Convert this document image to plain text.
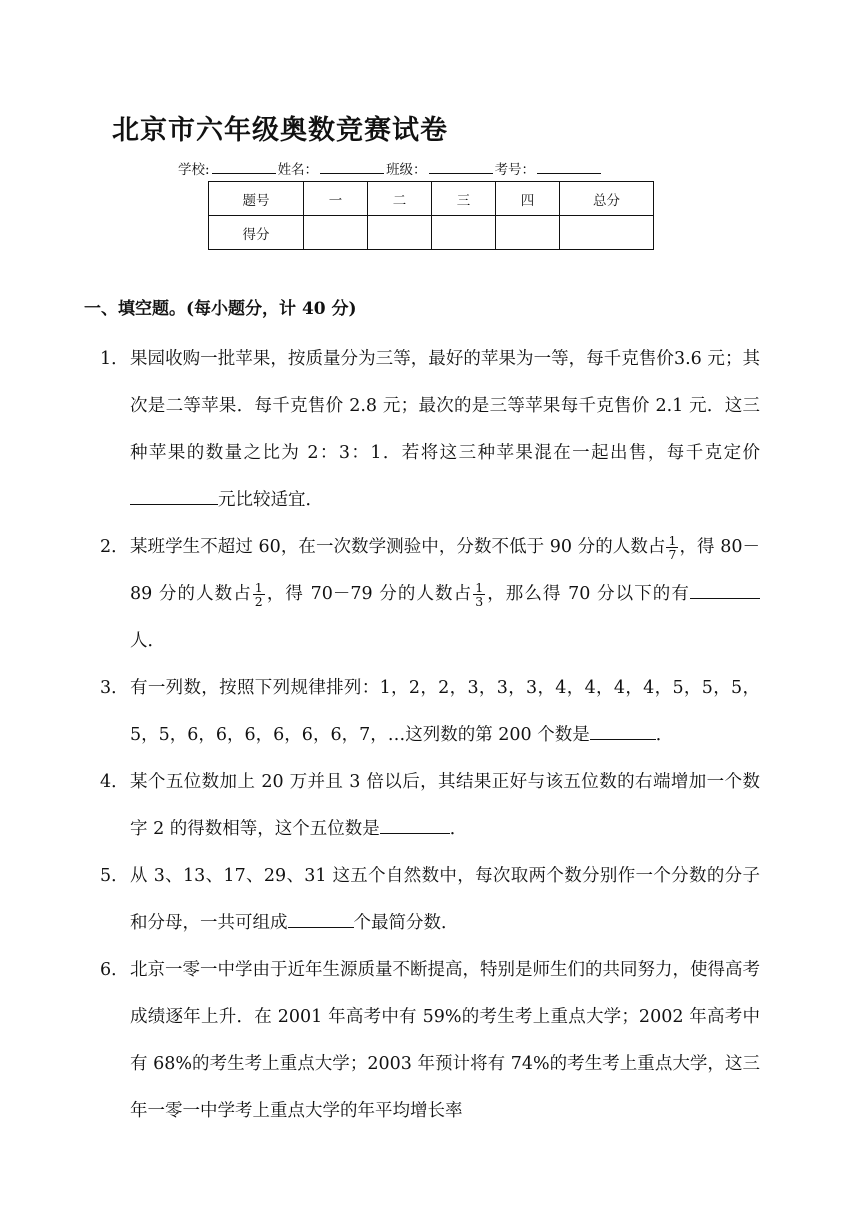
北京市六年级奥数竞赛试卷
学校:	姓名：	班级：	考号：
题号	一	二	三	四	总分
得分					
一、填空题。(每小题分，计 40 分)
1． 果园收购一批苹果，按质量分为三等，最好的苹果为一等，每千克售价3.6 元；其次是二等苹果．每千克售价 2.8 元；最次的是三等苹果每千克售价 2.1 元．这三种苹果的数量之比为 2：3：1．若将这三种苹果混在一起出售，每千克定价元比较适宜．
2． 某班学生不超过 60，在一次数学测验中，分数不低于 90 分的人数占 $\frac{1}{7}$ ，得 80－89 分的人数占 $\frac{1}{2}$ ，得 70－79 分的人数占 $\frac{1}{3}$ ，那么得 70 分以下的有人．
3． 有一列数，按照下列规律排列：1，2，2，3，3，3，4，4，4，4，5，5，5，5，5，6，6，6，6，6，6，7，…这列数的第 200 个数是	．
4． 某个五位数加上 20 万并且 3 倍以后，其结果正好与该五位数的右端增加一个数字 2 的得数相等，这个五位数是	．
5． 从 3、13、17、29、31 这五个自然数中，每次取两个数分别作一个分数的分子和分母，一共可组成	个最简分数．
6． 北京一零一中学由于近年生源质量不断提高，特别是师生们的共同努力，使得高考成绩逐年上升．在 2001 年高考中有 59%的考生考上重点大学；2002 年高考中有 68%的考生考上重点大学；2003 年预计将有 74%的考生考上重点大学，这三年一零一中学考上重点大学的年平均增长率
